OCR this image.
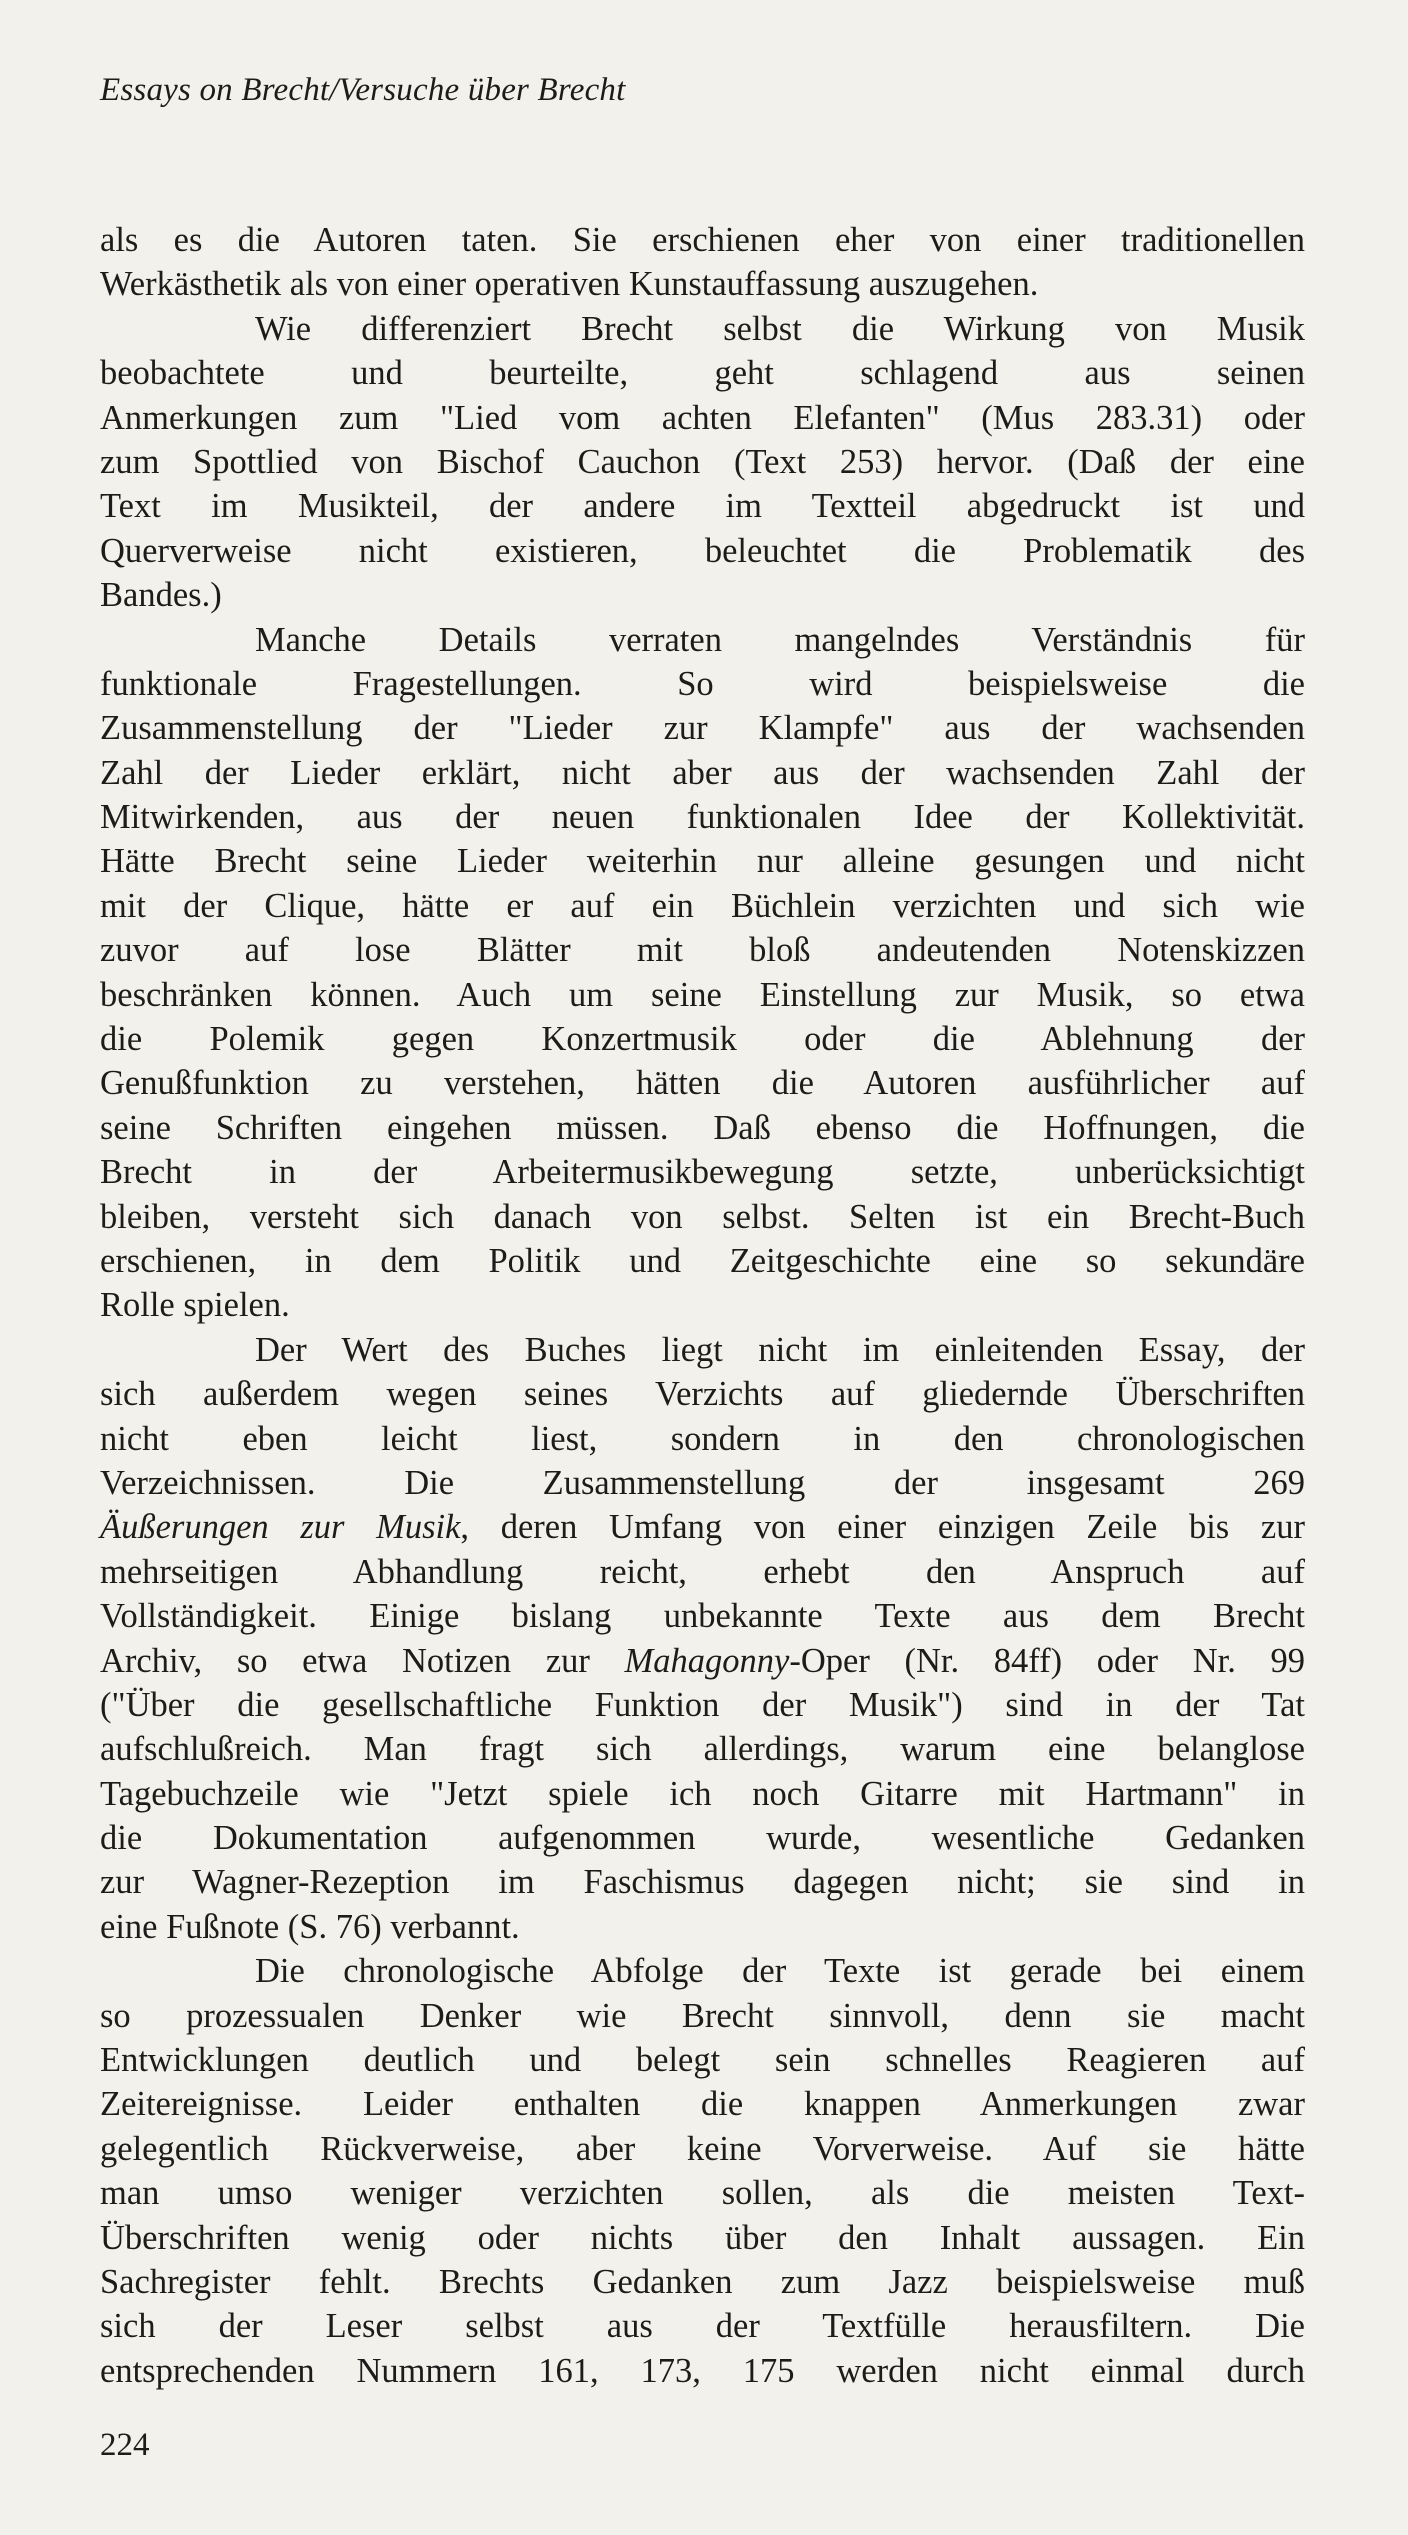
Essays on Brecht/Versuche über Brecht
als es die Autoren taten. Sie erschienen eher von einer traditionellen
Werkästhetik als von einer operativen Kunstauffassung auszugehen.
Wie differenziert Brecht selbst die Wirkung von Musik
beobachtete und beurteilte, geht schlagend aus seinen
Anmerkungen zum "Lied vom achten Elefanten" (Mus 283.31) oder
zum Spottlied von Bischof Cauchon (Text 253) hervor. (Daß der eine
Text im Musikteil, der andere im Textteil abgedruckt ist und
Querverweise nicht existieren, beleuchtet die Problematik des
Bandes.)
Manche Details verraten mangelndes Verständnis für
funktionale Fragestellungen. So wird beispielsweise die
Zusammenstellung der "Lieder zur Klampfe" aus der wachsenden
Zahl der Lieder erklärt, nicht aber aus der wachsenden Zahl der
Mitwirkenden, aus der neuen funktionalen Idee der Kollektivität.
Hätte Brecht seine Lieder weiterhin nur alleine gesungen und nicht
mit der Clique, hätte er auf ein Büchlein verzichten und sich wie
zuvor auf lose Blätter mit bloß andeutenden Notenskizzen
beschränken können. Auch um seine Einstellung zur Musik, so etwa
die Polemik gegen Konzertmusik oder die Ablehnung der
Genußfunktion zu verstehen, hätten die Autoren ausführlicher auf
seine Schriften eingehen müssen. Daß ebenso die Hoffnungen, die
Brecht in der Arbeitermusikbewegung setzte, unberücksichtigt
bleiben, versteht sich danach von selbst. Selten ist ein Brecht-Buch
erschienen, in dem Politik und Zeitgeschichte eine so sekundäre
Rolle spielen.
Der Wert des Buches liegt nicht im einleitenden Essay, der
sich außerdem wegen seines Verzichts auf gliedernde Überschriften
nicht eben leicht liest, sondern in den chronologischen
Verzeichnissen. Die Zusammenstellung der insgesamt 269
Äußerungen zur Musik, deren Umfang von einer einzigen Zeile bis zur
mehrseitigen Abhandlung reicht, erhebt den Anspruch auf
Vollständigkeit. Einige bislang unbekannte Texte aus dem Brecht
Archiv, so etwa Notizen zur Mahagonny-Oper (Nr. 84ff) oder Nr. 99
("Über die gesellschaftliche Funktion der Musik") sind in der Tat
aufschlußreich. Man fragt sich allerdings, warum eine belanglose
Tagebuchzeile wie "Jetzt spiele ich noch Gitarre mit Hartmann" in
die Dokumentation aufgenommen wurde, wesentliche Gedanken
zur Wagner-Rezeption im Faschismus dagegen nicht; sie sind in
eine Fußnote (S. 76) verbannt.
Die chronologische Abfolge der Texte ist gerade bei einem
so prozessualen Denker wie Brecht sinnvoll, denn sie macht
Entwicklungen deutlich und belegt sein schnelles Reagieren auf
Zeitereignisse. Leider enthalten die knappen Anmerkungen zwar
gelegentlich Rückverweise, aber keine Vorverweise. Auf sie hätte
man umso weniger verzichten sollen, als die meisten Text-
Überschriften wenig oder nichts über den Inhalt aussagen. Ein
Sachregister fehlt. Brechts Gedanken zum Jazz beispielsweise muß
sich der Leser selbst aus der Textfülle herausfiltern. Die
entsprechenden Nummern 161, 173, 175 werden nicht einmal durch
224
